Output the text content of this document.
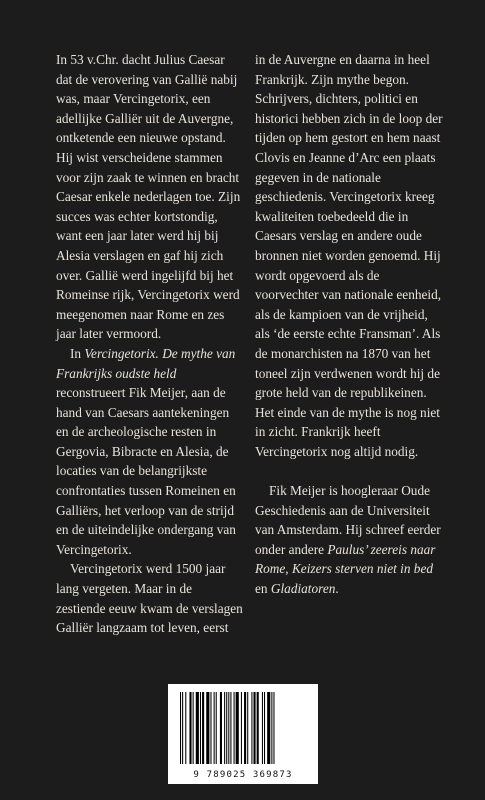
In 53 v.Chr. dacht Julius Caesar dat de verovering van Gallië nabij was, maar Vercingetorix, een adellijke Galliër uit de Auvergne, ontketende een nieuwe opstand. Hij wist verscheidene stammen voor zijn zaak te winnen en bracht Caesar enkele nederlagen toe. Zijn succes was echter kortstondig, want een jaar later werd hij bij Alesia verslagen en gaf hij zich over. Gallië werd ingelijfd bij het Romeinse rijk, Vercingetorix werd meegenomen naar Rome en zes jaar later vermoord.

In Vercingetorix. De mythe van Frankrijks oudste held reconstrueert Fik Meijer, aan de hand van Caesars aantekeningen en de archeologische resten in Gergovia, Bibracte en Alesia, de locaties van de belangrijkste confrontaties tussen Romeinen en Galliërs, het verloop van de strijd en de uiteindelijke ondergang van Vercingetorix.

Vercingetorix werd 1500 jaar lang vergeten. Maar in de zestiende eeuw kwam de verslagen Galliër langzaam tot leven, eerst

in de Auvergne en daarna in heel Frankrijk. Zijn mythe begon. Schrijvers, dichters, politici en historici hebben zich in de loop der tijden op hem gestort en hem naast Clovis en Jeanne d’Arc een plaats gegeven in de nationale geschiedenis. Vercingetorix kreeg kwaliteiten toebedeeld die in Caesars verslag en andere oude bronnen niet worden genoemd. Hij wordt opgevoerd als de voorvechter van nationale eenheid, als de kampioen van de vrijheid, als ‘de eerste echte Fransman’. Als de monarchisten na 1870 van het toneel zijn verdwenen wordt hij de grote held van de republikeinen. Het einde van de mythe is nog niet in zicht. Frankrijk heeft Vercingetorix nog altijd nodig.

Fik Meijer is hoogleraar Oude Geschiedenis aan de Universiteit van Amsterdam. Hij schreef eerder onder andere Paulus’ zeereis naar Rome, Keizers sterven niet in bed en Gladiatoren.

9 789025 369873
